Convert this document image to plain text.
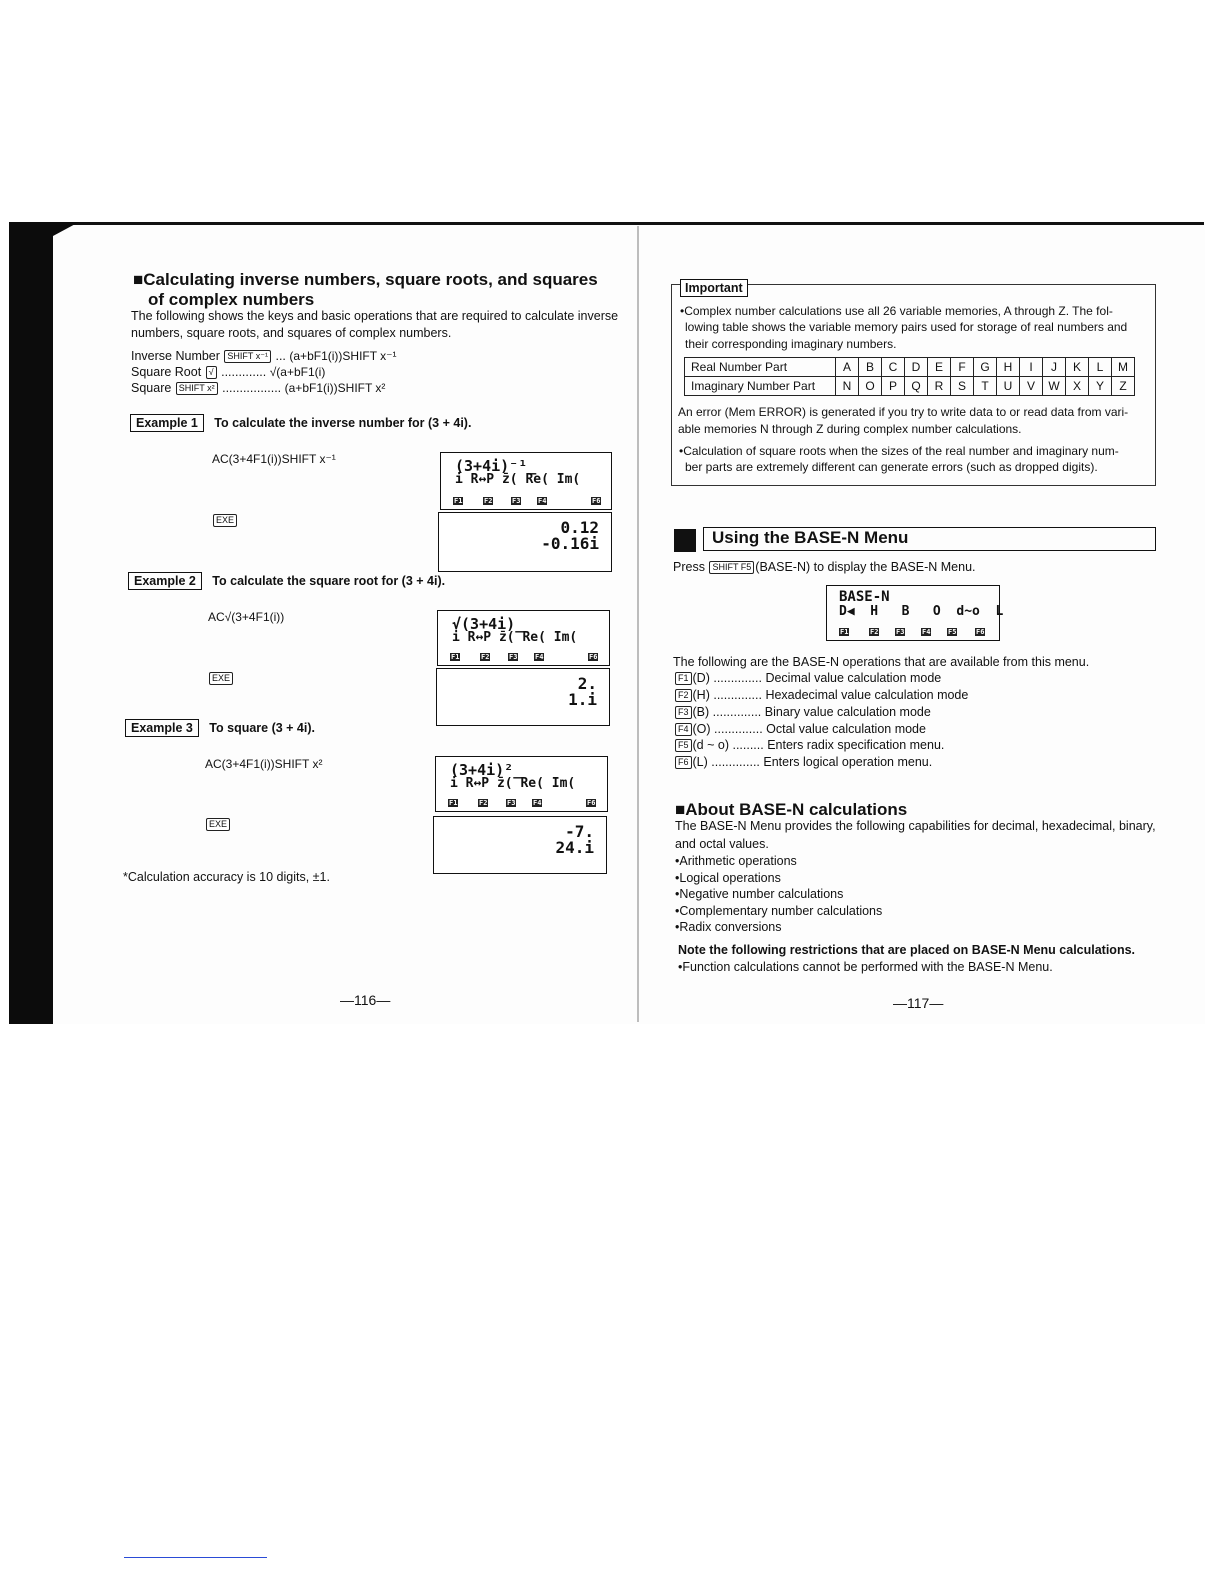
■Calculating inverse numbers, square roots, and squares
of complex numbers
The following shows the keys and basic operations that are required to calculate inverse
numbers, square roots, and squares of complex numbers.
Inverse Number SHIFT x⁻¹ ... (a+bF1(i))SHIFT x⁻¹
Square Root √ ............. √(a+bF1(i)
Square SHIFT x² ................. (a+bF1(i))SHIFT x²
Example 1 To calculate the inverse number for (3 + 4i).
AC(3+4F1(i))SHIFT x⁻¹
EXE
(3+4i)⁻¹_
i R↔P z̄( Re( Im(
F1	F2	F3	F4	F6
0.12
-0.16i
Example 2 To calculate the square root for (3 + 4i).
AC√(3+4F1(i))
EXE
√(3+4i)_
i R↔P z̄( Re( Im(
F1	F2	F3	F4	F6
2.
1.i
Example 3 To square (3 + 4i).
AC(3+4F1(i))SHIFT x²
EXE
(3+4i)²_
i R↔P z̄( Re( Im(
F1	F2	F3	F4	F6
-7.
24.i
*Calculation accuracy is 10 digits, ±1.
—116—
Important
•Complex number calculations use all 26 variable memories, A through Z. The fol-
lowing table shows the variable memory pairs used for storage of real numbers and
their corresponding imaginary numbers.
Real Number Part	A	B	C	D	E	F	G	H	I	J	K	L	M
Imaginary Number Part	N	O	P	Q	R	S	T	U	V	W	X	Y	Z
An error (Mem ERROR) is generated if you try to write data to or read data from vari-
able memories N through Z during complex number calculations.
•Calculation of square roots when the sizes of the real number and imaginary num-
ber parts are extremely different can generate errors (such as dropped digits).
Using the BASE-N Menu
Press SHIFT F5 (BASE-N) to display the BASE-N Menu.
BASE-N
D◀  H   B   O  d~o  L
F1	F2	F3	F4	F5	F6
The following are the BASE-N operations that are available from this menu.
F1 (D) .............. Decimal value calculation mode
F2 (H) .............. Hexadecimal value calculation mode
F3 (B) .............. Binary value calculation mode
F4 (O) .............. Octal value calculation mode
F5 (d ~ o) ......... Enters radix specification menu.
F6 (L) .............. Enters logical operation menu.
■About BASE-N calculations
The BASE-N Menu provides the following capabilities for decimal, hexadecimal, binary,
and octal values.
•Arithmetic operations
•Logical operations
•Negative number calculations
•Complementary number calculations
•Radix conversions
Note the following restrictions that are placed on BASE-N Menu calculations.
•Function calculations cannot be performed with the BASE-N Menu.
—117—
